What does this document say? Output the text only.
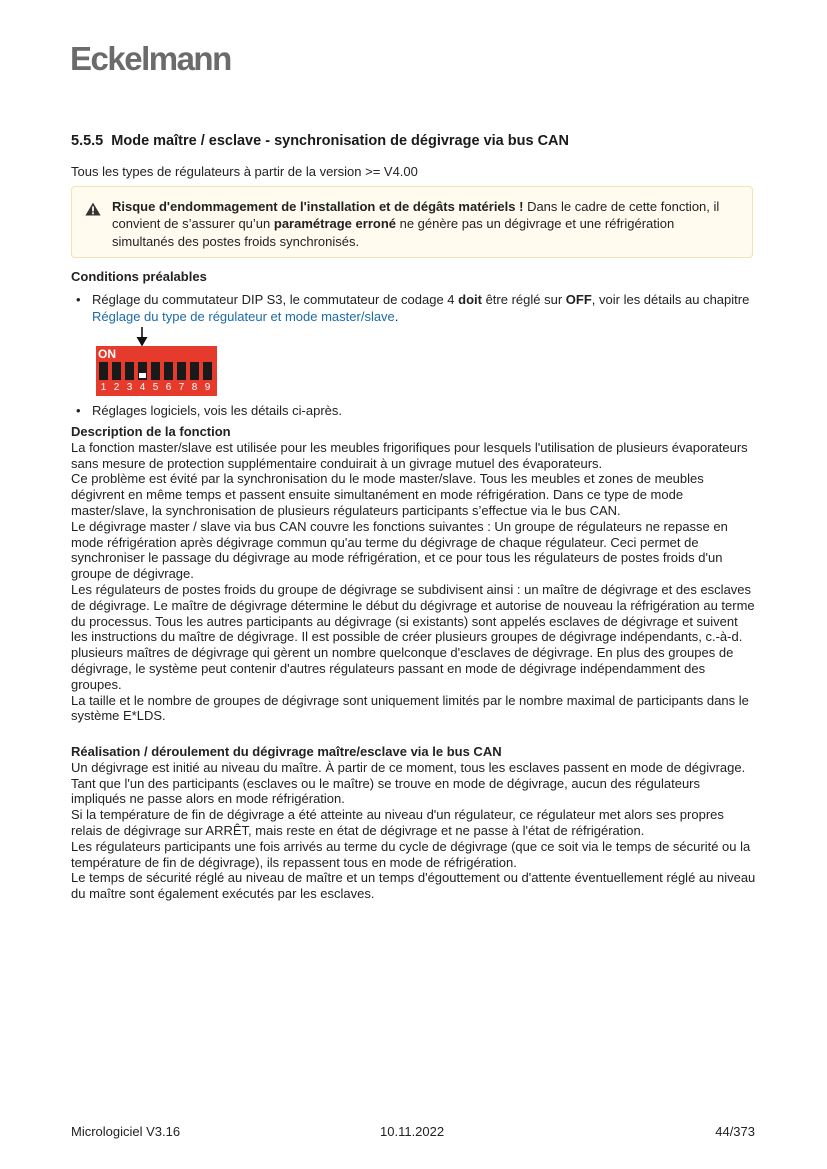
Eckelmann
5.5.5 Mode maître / esclave - synchronisation de dégivrage via bus CAN
Tous les types de régulateurs à partir de la version >= V4.00
Risque d'endommagement de l'installation et de dégâts matériels ! Dans le cadre de cette fonction, il convient de s’assurer qu’un paramétrage erroné ne génère pas un dégivrage et une réfrigération simultanés des postes froids synchronisés.
Conditions préalables
• Réglage du commutateur DIP S3, le commutateur de codage 4 doit être réglé sur OFF, voir les détails au chapitre Réglage du type de régulateur et mode master/slave.
ON
1 2 3 4 5 6 7 8 9
• Réglages logiciels, vois les détails ci-après.
Description de la fonction
La fonction master/slave est utilisée pour les meubles frigorifiques pour lesquels l'utilisation de plusieurs évaporateurs sans mesure de protection supplémentaire conduirait à un givrage mutuel des évaporateurs.
Ce problème est évité par la synchronisation du le mode master/slave. Tous les meubles et zones de meubles dégivrent en même temps et passent ensuite simultanément en mode réfrigération. Dans ce type de mode master/slave, la synchronisation de plusieurs régulateurs participants s’effectue via le bus CAN.
Le dégivrage master / slave via bus CAN couvre les fonctions suivantes : Un groupe de régulateurs ne repasse en mode réfrigération après dégivrage commun qu'au terme du dégivrage de chaque régulateur. Ceci permet de synchroniser le passage du dégivrage au mode réfrigération, et ce pour tous les régulateurs de postes froids d'un groupe de dégivrage.
Les régulateurs de postes froids du groupe de dégivrage se subdivisent ainsi : un maître de dégivrage et des esclaves de dégivrage. Le maître de dégivrage détermine le début du dégivrage et autorise de nouveau la réfrigération au terme du processus. Tous les autres participants au dégivrage (si existants) sont appelés esclaves de dégivrage et suivent les instructions du maître de dégivrage. Il est possible de créer plusieurs groupes de dégivrage indépendants, c.-à-d. plusieurs maîtres de dégivrage qui gèrent un nombre quelconque d'esclaves de dégivrage. En plus des groupes de dégivrage, le système peut contenir d'autres régulateurs passant en mode de dégivrage indépendamment des groupes.
La taille et le nombre de groupes de dégivrage sont uniquement limités par le nombre maximal de participants dans le système E*LDS.
Réalisation / déroulement du dégivrage maître/esclave via le bus CAN
Un dégivrage est initié au niveau du maître. À partir de ce moment, tous les esclaves passent en mode de dégivrage. Tant que l'un des participants (esclaves ou le maître) se trouve en mode de dégivrage, aucun des régulateurs impliqués ne passe alors en mode réfrigération.
Si la température de fin de dégivrage a été atteinte au niveau d'un régulateur, ce régulateur met alors ses propres relais de dégivrage sur ARRÊT, mais reste en état de dégivrage et ne passe à l'état de réfrigération.
Les régulateurs participants une fois arrivés au terme du cycle de dégivrage (que ce soit via le temps de sécurité ou la température de fin de dégivrage), ils repassent tous en mode de réfrigération.
Le temps de sécurité réglé au niveau de maître et un temps d'égouttement ou d'attente éventuellement réglé au niveau du maître sont également exécutés par les esclaves.
Micrologiciel V3.16	10.11.2022	44/373
